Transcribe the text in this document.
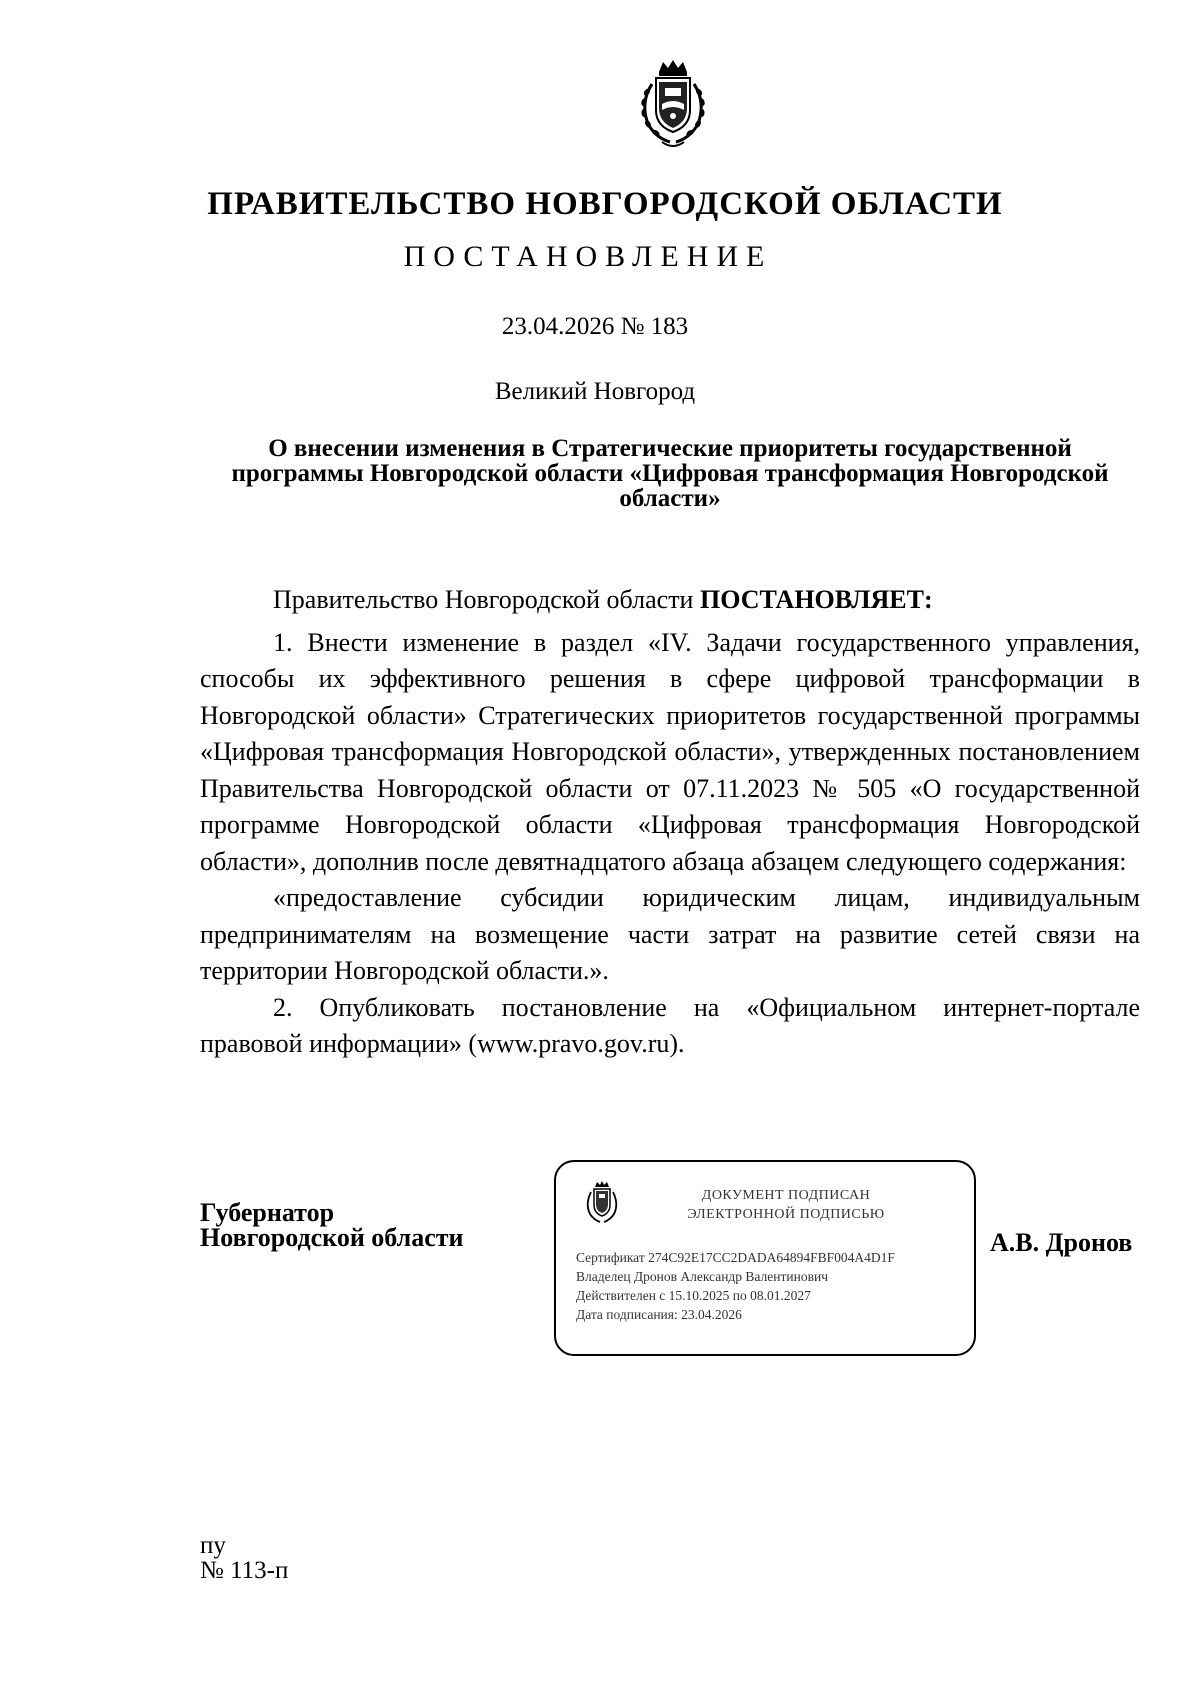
ПРАВИТЕЛЬСТВО НОВГОРОДСКОЙ ОБЛАСТИ
ПОСТАНОВЛЕНИЕ
23.04.2026 № 183
Великий Новгород
О внесении изменения в Стратегические приоритеты государственной программы Новгородской области «Цифровая трансформация Новгородской области»

Правительство Новгородской области ПОСТАНОВЛЯЕТ:

1. Внести изменение в раздел «IV. Задачи государственного управления, способы их эффективного решения в сфере цифровой трансформации в Новгородской области» Стратегических приоритетов государственной программы «Цифровая трансформация Новгородской области», утвержденных постановлением Правительства Новгородской области от 07.11.2023 № 505 «О государственной программе Новгородской области «Цифровая трансформация Новгородской области», дополнив после девятнадцатого абзаца абзацем следующего содержания:

«предоставление субсидии юридическим лицам, индивидуальным предпринимателям на возмещение части затрат на развитие сетей связи на территории Новгородской области.».

2. Опубликовать постановление на «Официальном интернет-портале правовой информации» (www.pravo.gov.ru).

Губернатор
Новгородской области
ДОКУМЕНТ ПОДПИСАН
ЭЛЕКТРОННОЙ ПОДПИСЬЮ
Сертификат 274C92E17CC2DADA64894FBF004A4D1F
Владелец Дронов Александр Валентинович
Действителен с 15.10.2025 по 08.01.2027
Дата подписания: 23.04.2026
А.В. Дронов
пу
№ 113-п
